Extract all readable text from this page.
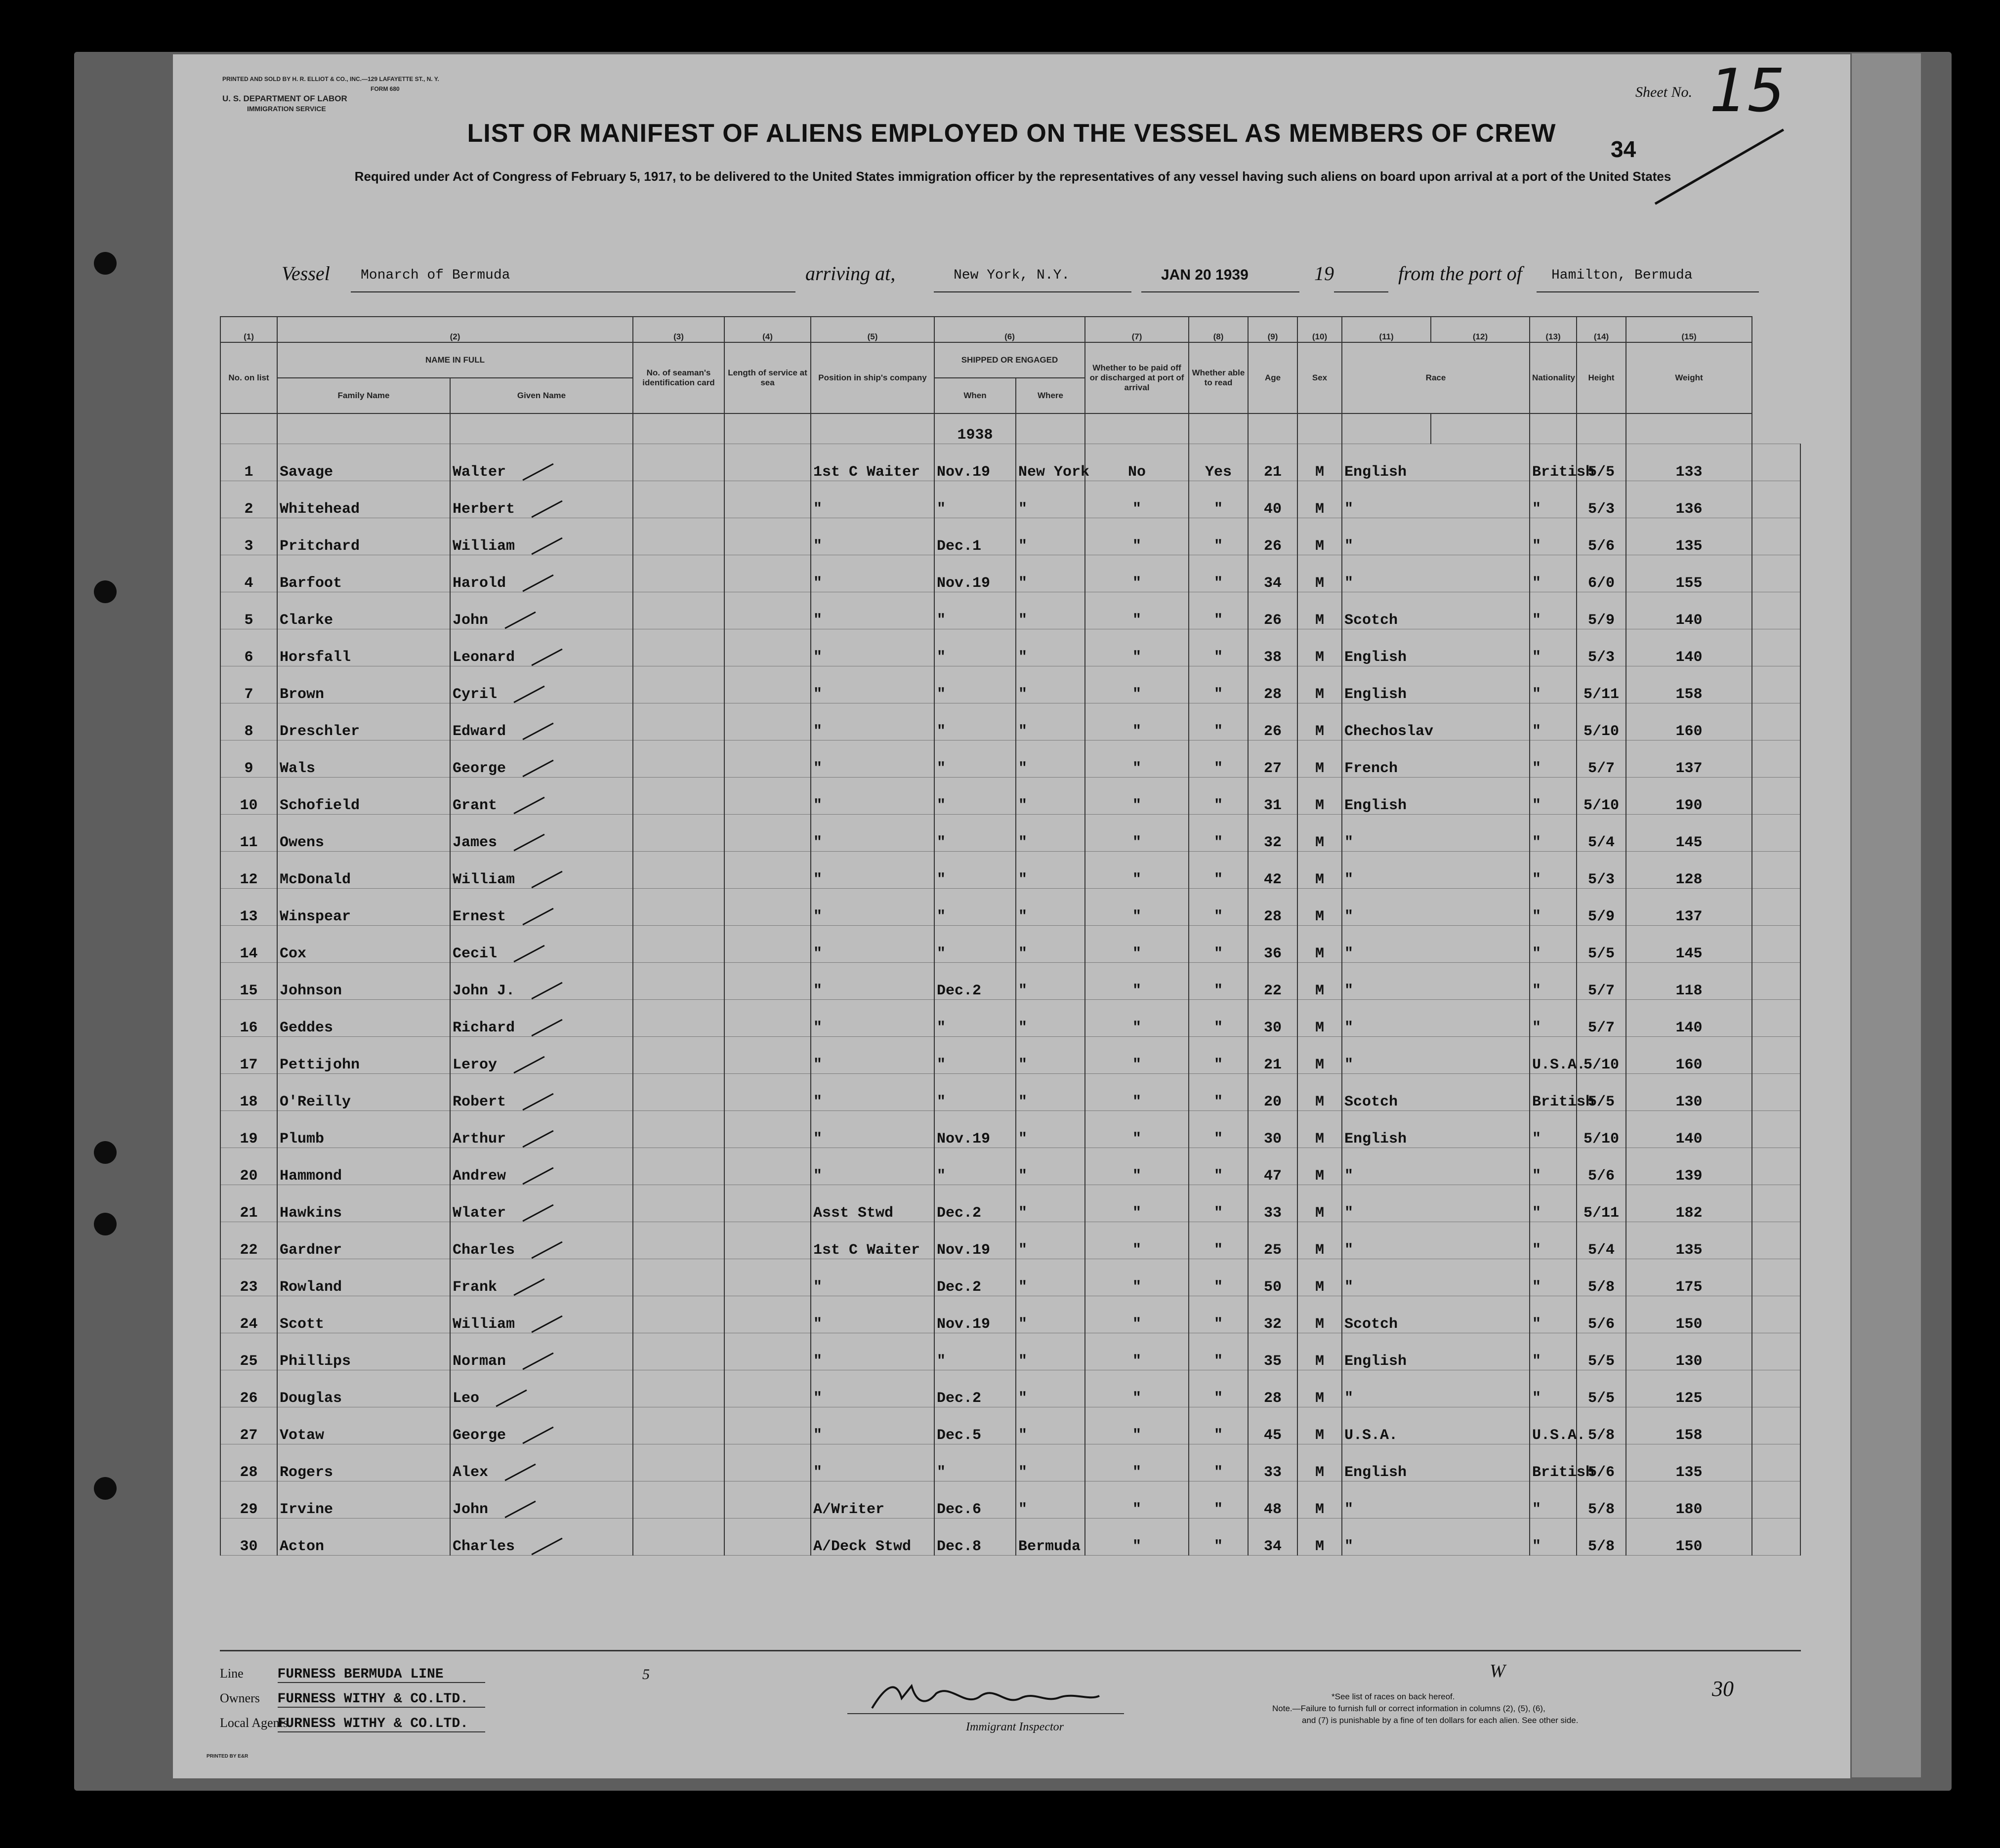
PRINTED AND SOLD BY H. R. ELLIOT & CO., INC.—129 LAFAYETTE ST., N. Y.
FORM 680
U. S. DEPARTMENT OF LABOR
IMMIGRATION SERVICE
Sheet No. 15
34
LIST OR MANIFEST OF ALIENS EMPLOYED ON THE VESSEL AS MEMBERS OF CREW
Required under Act of Congress of February 5, 1917, to be delivered to the United States immigration officer by the representatives of any vessel having such aliens on board upon arrival at a port of the United States
Vessel Monarch of Bermuda	arriving at,	New York, N.Y.	JAN 20 1939	19	from the port of Hamilton, Bermuda
(1)	(2)		(3)	(4)	(5)	(6)		(7)	(8)	(9)	(10)	(11)	(12)	(13)	(14)	(15)	
No. on list	NAME IN FULL		No. of seaman's identification card	Length of service at sea	Position in ship's company	SHIPPED OR ENGAGED		Whether to be paid off or discharged at port of arrival	Whether able to read	Age	Sex	Race		Nationality	Height	Weight	
	Family Name	Given Name				When	Where										
						1938											
1	Savage	Walter			1st C Waiter	Nov.19	New York	No	Yes	21	M	English		British	5/5	133	
2	Whitehead	Herbert			"	"	"	"	"	40	M	"		"	5/3	136	
3	Pritchard	William			"	Dec.1	"	"	"	26	M	"		"	5/6	135	
4	Barfoot	Harold			"	Nov.19	"	"	"	34	M	"		"	6/0	155	
5	Clarke	John			"	"	"	"	"	26	M	Scotch		"	5/9	140	
6	Horsfall	Leonard			"	"	"	"	"	38	M	English		"	5/3	140	
7	Brown	Cyril			"	"	"	"	"	28	M	English		"	5/11	158	
8	Dreschler	Edward			"	"	"	"	"	26	M	Chechoslav		"	5/10	160	
9	Wals	George			"	"	"	"	"	27	M	French		"	5/7	137	
10	Schofield	Grant			"	"	"	"	"	31	M	English		"	5/10	190	
11	Owens	James			"	"	"	"	"	32	M	"		"	5/4	145	
12	McDonald	William			"	"	"	"	"	42	M	"		"	5/3	128	
13	Winspear	Ernest			"	"	"	"	"	28	M	"		"	5/9	137	
14	Cox	Cecil			"	"	"	"	"	36	M	"		"	5/5	145	
15	Johnson	John J.			"	Dec.2	"	"	"	22	M	"		"	5/7	118	
16	Geddes	Richard			"	"	"	"	"	30	M	"		"	5/7	140	
17	Pettijohn	Leroy			"	"	"	"	"	21	M	"		U.S.A.	5/10	160	
18	O'Reilly	Robert			"	"	"	"	"	20	M	Scotch		British	5/5	130	
19	Plumb	Arthur			"	Nov.19	"	"	"	30	M	English		"	5/10	140	
20	Hammond	Andrew			"	"	"	"	"	47	M	"		"	5/6	139	
21	Hawkins	Wlater			Asst Stwd	Dec.2	"	"	"	33	M	"		"	5/11	182	
22	Gardner	Charles			1st C Waiter	Nov.19	"	"	"	25	M	"		"	5/4	135	
23	Rowland	Frank			"	Dec.2	"	"	"	50	M	"		"	5/8	175	
24	Scott	William			"	Nov.19	"	"	"	32	M	Scotch		"	5/6	150	
25	Phillips	Norman			"	"	"	"	"	35	M	English		"	5/5	130	
26	Douglas	Leo			"	Dec.2	"	"	"	28	M	"		"	5/5	125	
27	Votaw	George			"	Dec.5	"	"	"	45	M	U.S.A.		U.S.A.	5/8	158	
28	Rogers	Alex			"	"	"	"	"	33	M	English		British	5/6	135	
29	Irvine	John			A/Writer	Dec.6	"	"	"	48	M	"		"	5/8	180	
30	Acton	Charles			A/Deck Stwd	Dec.8	Bermuda	"	"	34	M	"		"	5/8	150	
Line FURNESS BERMUDA LINE
Owners FURNESS WITHY & CO.LTD.
Local Agents FURNESS WITHY & CO.LTD.
5
Immigrant Inspector
W
30
*See list of races on back hereof.
Note.—Failure to furnish full or correct information in columns (2), (5), (6),
and (7) is punishable by a fine of ten dollars for each alien. See other side.
PRINTED BY E&R
